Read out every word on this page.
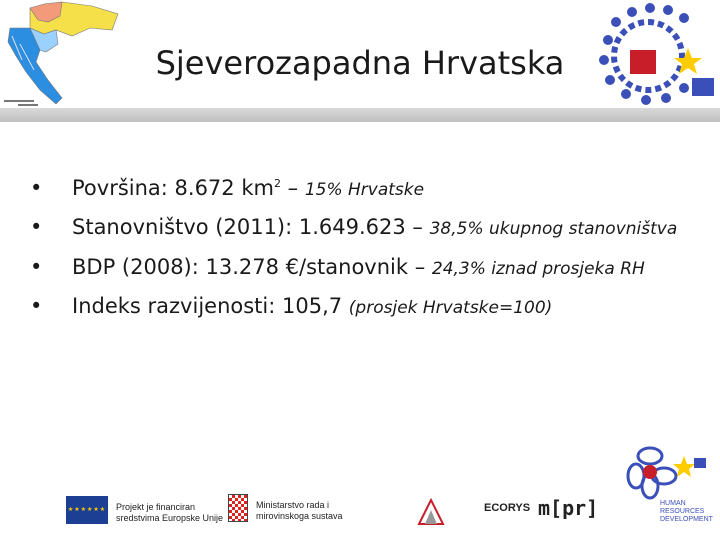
Sjeverozapadna Hrvatska
• Površina: 8.672 $km^2 - 15\%$ Hrvatske
• Stanovništvo (2011): 1.649.623 – 38,5% ukupnog stanovništva
• BDP (2008): 13.278 €/stanovnik – 24,3% iznad prosjeka RH
• Indeks razvijenosti: 105,7 (prosjek Hrvatske=100)
★★★★★★ Projekt je financiran
sredstvima Europske Unije
Ministarstvo rada i
mirovinskoga sustava
ECORYS m[pr]	HUMAN
RESOURCES
DEVELOPMENT
